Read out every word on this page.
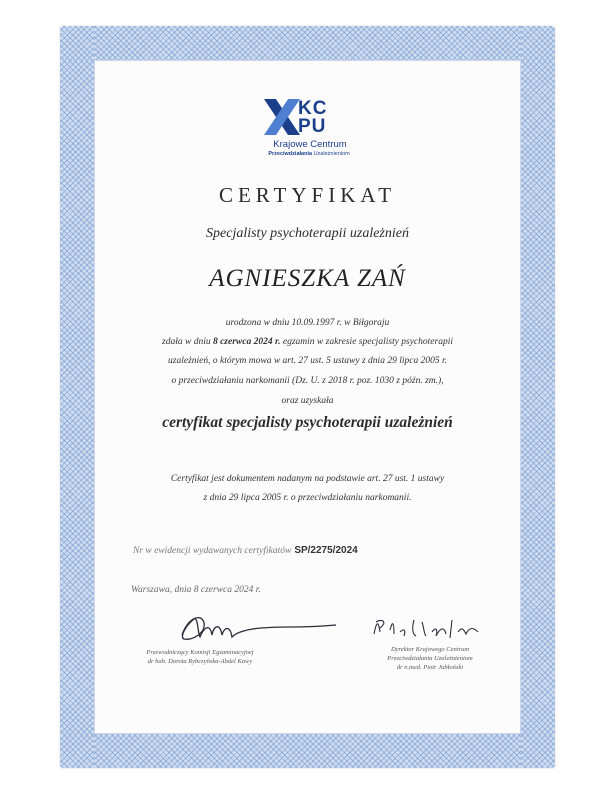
KC PU
Krajowe Centrum
Przeciwdziałania Uzależnieniom
CERTYFIKAT
Specjalisty psychoterapii uzależnień
AGNIESZKA ZAŃ
urodzona w dniu 10.09.1997 r. w Biłgoraju
zdała w dniu 8 czerwca 2024 r. egzamin w zakresie specjalisty psychoterapii
uzależnień, o którym mowa w art. 27 ust. 5 ustawy z dnia 29 lipca 2005 r.
o przeciwdziałaniu narkomanii (Dz. U. z 2018 r. poz. 1030 z późn. zm.),
oraz uzyskała
certyfikat specjalisty psychoterapii uzależnień
Certyfikat jest dokumentem nadanym na podstawie art. 27 ust. 1 ustawy
z dnia 29 lipca 2005 r. o przeciwdziałaniu narkomanii.
Nr w ewidencji wydawanych certyfikatów SP/2275/2024
Warszawa, dnia 8 czerwca 2024 r.
Przewodniczący Komisji Egzaminacyjnej
dr hab. Dorota Rybczyńska-Abdel Kawy
Dyrektor Krajowego Centrum
Przeciwdziałania Uzależnieniom
dr n.med. Piotr Jabłoński
